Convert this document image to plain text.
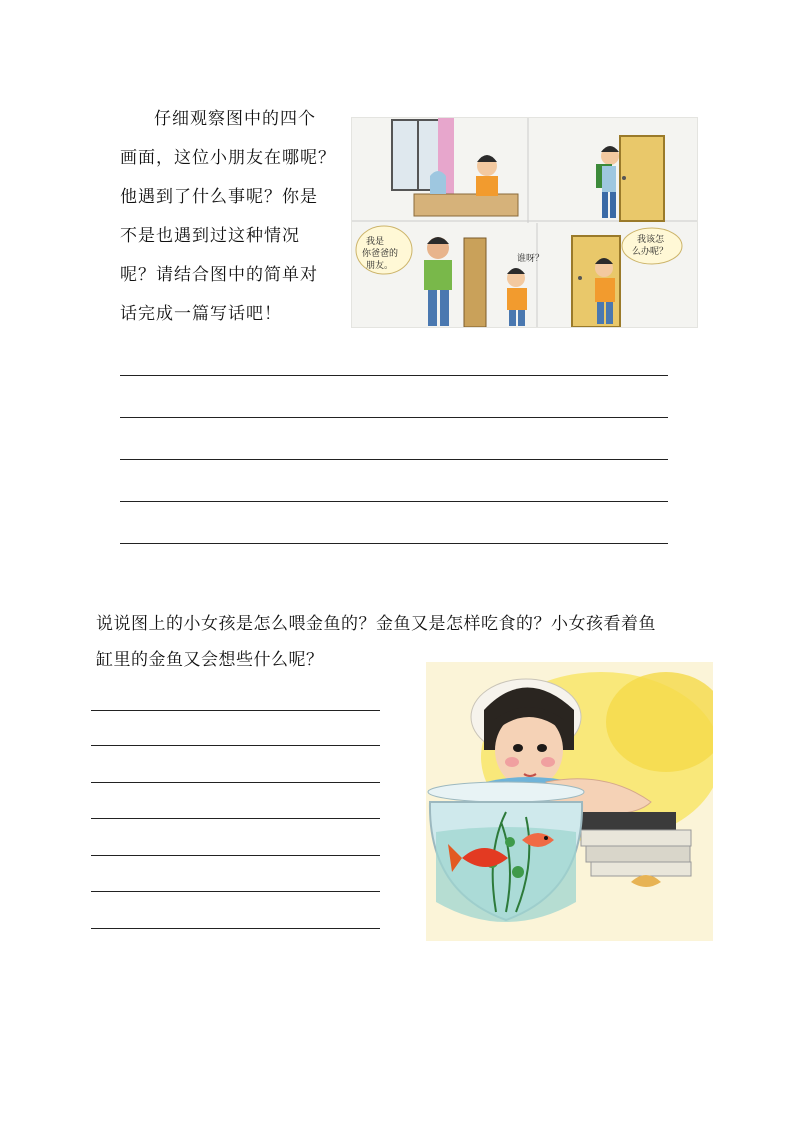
仔细观察图中的四个
画面，这位小朋友在哪呢？
他遇到了什么事呢？你是
不是也遇到过这种情况
呢？请结合图中的简单对
话完成一篇写话吧！
我是
你爸爸的
朋友。
谁呀？
我该怎
么办呢？
说说图上的小女孩是怎么喂金鱼的？金鱼又是怎样吃食的？小女孩看着鱼
缸里的金鱼又会想些什么呢？
